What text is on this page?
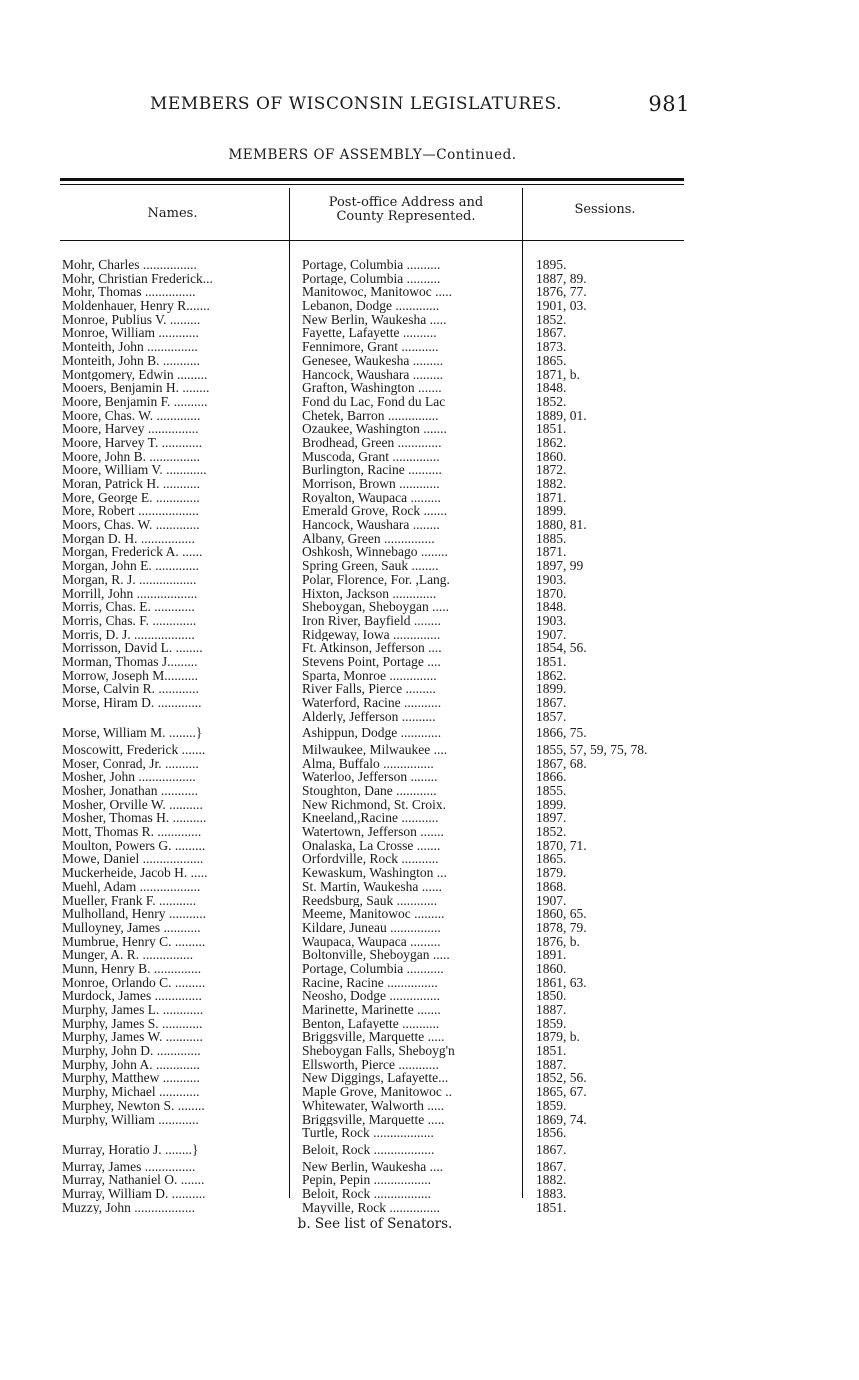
MEMBERS OF WISCONSIN LEGISLATURES.	981
MEMBERS OF ASSEMBLY—Continued.
Names.
Post-office Address and
County Represented.	Sessions.
Mohr, Charles ................	Portage, Columbia ..........	1895.
Mohr, Christian Frederick...	Portage, Columbia ..........	1887, 89.
Mohr, Thomas ...............	Manitowoc, Manitowoc .....	1876, 77.
Moldenhauer, Henry R.......	Lebanon, Dodge .............	1901, 03.
Monroe, Publius V. .........	New Berlin, Waukesha .....	1852.
Monroe, William ............	Fayette, Lafayette ..........	1867.
Monteith, John ...............	Fennimore, Grant ...........	1873.
Monteith, John B. ...........	Genesee, Waukesha .........	1865.
Montgomery, Edwin .........	Hancock, Waushara .........	1871, b.
Mooers, Benjamin H. ........	Grafton, Washington .......	1848.
Moore, Benjamin F. ..........	Fond du Lac, Fond du Lac	1852.
Moore, Chas. W. .............	Chetek, Barron ...............	1889, 01.
Moore, Harvey ...............	Ozaukee, Washington .......	1851.
Moore, Harvey T. ............	Brodhead, Green .............	1862.
Moore, John B. ...............	Muscoda, Grant ..............	1860.
Moore, William V. ............	Burlington, Racine ..........	1872.
Moran, Patrick H. ...........	Morrison, Brown ............	1882.
More, George E. .............	Royalton, Waupaca .........	1871.
More, Robert ..................	Emerald Grove, Rock .......	1899.
Moors, Chas. W. .............	Hancock, Waushara ........	1880, 81.
Morgan D. H. ................	Albany, Green ...............	1885.
Morgan, Frederick A. ......	Oshkosh, Winnebago ........	1871.
Morgan, John E. .............	Spring Green, Sauk ........	1897, 99
Morgan, R. J. .................	Polar, Florence, For. ,Lang.	1903.
Morrill, John ..................	Hixton, Jackson .............	1870.
Morris, Chas. E. ............	Sheboygan, Sheboygan .....	1848.
Morris, Chas. F. .............	Iron River, Bayfield ........	1903.
Morris, D. J. ..................	Ridgeway, Iowa ..............	1907.
Morrisson, David L. ........	Ft. Atkinson, Jefferson ....	1854, 56.
Morman, Thomas J.........	Stevens Point, Portage ....	1851.
Morrow, Joseph M..........	Sparta, Monroe ..............	1862.
Morse, Calvin R. ............	River Falls, Pierce .........	1899.
Morse, Hiram D. .............	Waterford, Racine ...........	1867.
Alderly, Jefferson ..........	1857.
Morse, William M. ........}	Ashippun, Dodge ............	1866, 75.
Moscowitt, Frederick .......	Milwaukee, Milwaukee ....	1855, 57, 59, 75, 78.
Moser, Conrad, Jr. ..........	Alma, Buffalo ...............	1867, 68.
Mosher, John .................	Waterloo, Jefferson ........	1866.
Mosher, Jonathan ...........	Stoughton, Dane ............	1855.
Mosher, Orville W. ..........	New Richmond, St. Croix.	1899.
Mosher, Thomas H. ..........	Kneeland,,Racine ...........	1897.
Mott, Thomas R. .............	Watertown, Jefferson .......	1852.
Moulton, Powers G. .........	Onalaska, La Crosse .......	1870, 71.
Mowe, Daniel ..................	Orfordville, Rock ...........	1865.
Muckerheide, Jacob H. .....	Kewaskum, Washington ...	1879.
Muehl, Adam ..................	St. Martin, Waukesha ......	1868.
Mueller, Frank F. ...........	Reedsburg, Sauk ............	1907.
Mulholland, Henry ...........	Meeme, Manitowoc .........	1860, 65.
Mulloyney, James ...........	Kildare, Juneau ...............	1878, 79.
Mumbrue, Henry C. .........	Waupaca, Waupaca .........	1876, b.
Munger, A. R. ...............	Boltonville, Sheboygan .....	1891.
Munn, Henry B. ..............	Portage, Columbia ...........	1860.
Monroe, Orlando C. .........	Racine, Racine ...............	1861, 63.
Murdock, James ..............	Neosho, Dodge ...............	1850.
Murphy, James L. ............	Marinette, Marinette .......	1887.
Murphy, James S. ............	Benton, Lafayette ...........	1859.
Murphy, James W. ...........	Briggsville, Marquette .....	1879, b.
Murphy, John D. .............	Sheboygan Falls, Sheboyg'n	1851.
Murphy, John A. .............	Ellsworth, Pierce ............	1887.
Murphy, Matthew ...........	New Diggings, Lafayette...	1852, 56.
Murphy, Michael ............	Maple Grove, Manitowoc ..	1865, 67.
Murphey, Newton S. ........	Whitewater, Walworth .....	1859.
Murphy, William ............	Briggsville, Marquette .....	1869, 74.
Turtle, Rock ..................	1856.
Murray, Horatio J. ........}	Beloit, Rock ..................	1867.
Murray, James ...............	New Berlin, Waukesha ....	1867.
Murray, Nathaniel O. .......	Pepin, Pepin .................	1882.
Murray, William D. ..........	Beloit, Rock .................	1883.
Muzzy, John ..................	Mayville, Rock ...............	1851.
b. See list of Senators.
